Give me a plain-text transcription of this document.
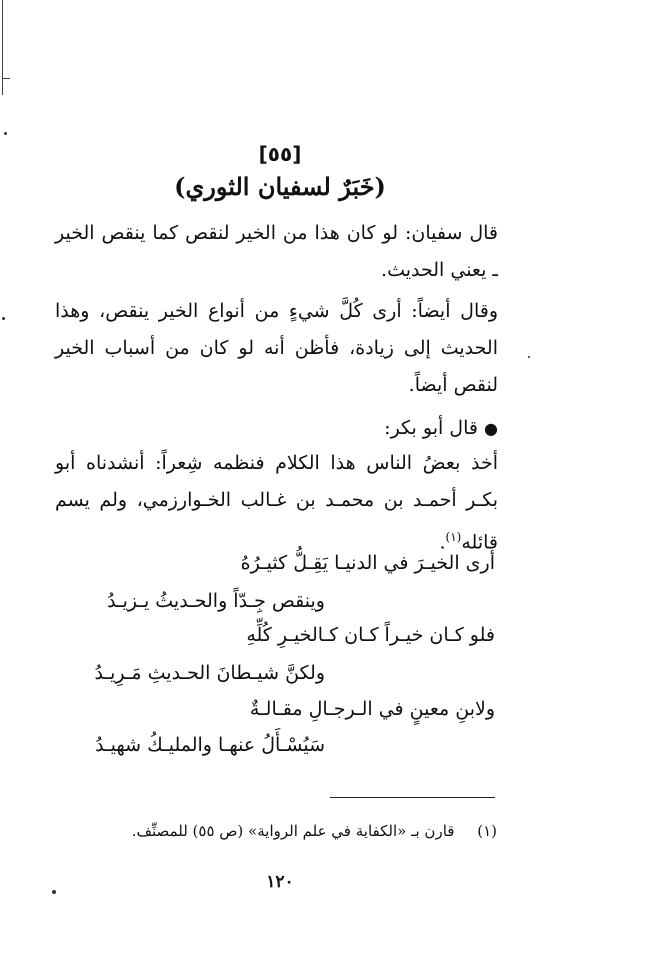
[٥٥]
(خَبَرٌ لسفيان الثوري)
قال سفيان: لو كان هذا من الخير لنقص كما ينقص الخير ـ يعني الحديث.
وقال أيضاً: أرى كُلَّ شيءٍ من أنواع الخير ينقص، وهذا الحديث إلى زيادة، فأظن أنه لو كان من أسباب الخير لنقص أيضاً.
● قال أبو بكر:
أخذ بعضُ الناس هذا الكلام فنظمه شِعراً: أنشدناه أبو بكـر أحمـد بن محمـد بن غـالب الخـوارزمي، ولم يسم قائله$^{(١)}$.
أرى الخيـرَ في الدنيـا يَقِـلُّ كثيـرُهُ
وينقص جِـدّاً والحـديثُ يـزيـدُ
فلو كـان خيـراً كـان كـالخيـرِ كُلِّهِ
ولكنَّ شيـطانَ الحـديثِ مَـرِيـدُ
ولابنِ معينٍ في الـرجـالِ مقـالـةٌ
سَيُسْـأَلُ عنهـا والمليـكُ شهيـدُ
(١) قارن بـ «الكفاية في علم الرواية» (ص ٥٥) للمصنِّف.
١٢٠
